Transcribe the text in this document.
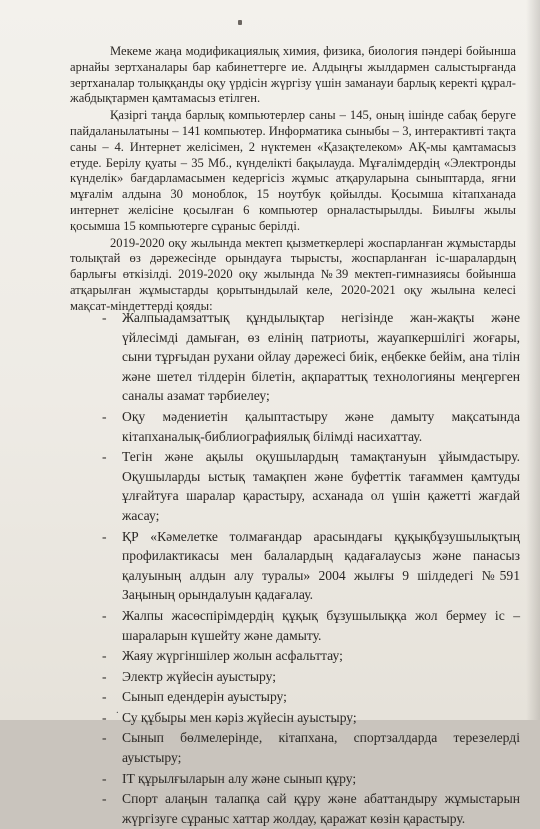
Мекеме жаңа модификациялық химия, физика, биология пәндері бойынша арнайы зертханалары бар кабинеттерге ие. Алдыңғы жылдармен салыстырғанда зертханалар толыққанды оқу үрдісін жүргізу үшін заманауи барлық керекті құрал-жабдықтармен қамтамасыз етілген.

Қазіргі таңда барлық компьютерлер саны – 145, оның ішінде сабақ беруге пайдаланылатыны – 141 компьютер. Информатика сыныбы – 3, интерактивті тақта саны – 4. Интернет желісімен, 2 нүктемен «Қазақтелеком» АҚ-мы қамтамасыз етуде. Берілу қуаты – 35 Мб., күнделікті бақылауда. Мұғалімдердің «Электронды күнделік» бағдарламасымен кедергісіз жұмыс атқаруларына сыныптарда, яғни мұғалім алдына 30 моноблок, 15 ноутбук қойылды. Қосымша кітапханада интернет желісіне қосылған 6 компьютер орналастырылды. Биылғы жылы қосымша 15 компьютерге сұраныс берілді.

2019-2020 оқу жылында мектеп қызметкерлері жоспарланған жұмыстарды толықтай өз дәрежесінде орындауға тырысты, жоспарланған іс-шаралардың барлығы өткізілді. 2019-2020 оқу жылында №39 мектеп-гимназиясы бойынша атқарылған жұмыстарды қорытындылай келе, 2020-2021 оқу жылына келесі мақсат-міндеттерді қояды:

- Жалпыадамзаттық құндылықтар негізінде жан-жақты және үйлесімді дамыған, өз елінің патриоты, жауапкершілігі жоғары, сыни тұрғыдан рухани ойлау дәрежесі биік, еңбекке бейім, ана тілін және шетел тілдерін білетін, ақпараттық технологияны меңгерген саналы азамат тәрбиелеу;
- Оқу мәдениетін қалыптастыру және дамыту мақсатында кітапханалық-библиографиялық білімді насихаттау.
- Тегін және ақылы оқушылардың тамақтануын ұйымдастыру. Оқушыларды ыстық тамақпен және буфеттік тағаммен қамтуды ұлғайтуға шаралар қарастыру, асханада ол үшін қажетті жағдай жасау;
- ҚР «Кәмелетке толмағандар арасындағы құқықбұзушылықтың профилактикасы мен балалардың қадағалаусыз және панасыз қалуының алдын алу туралы» 2004 жылғы 9 шілдедегі №591 Заңының орындалуын қадағалау.
- Жалпы жасөспірімдердің құқық бұзушылыққа жол бермеу іс – шараларын күшейту және дамыту.
- Жаяу жүргіншілер жолын асфальттау;
- Электр жүйесін ауыстыру;
- Сынып едендерін ауыстыру;
- Су құбыры мен кәріз жүйесін ауыстыру;
- Сынып бөлмелерінде, кітапхана, спортзалдарда терезелерді ауыстыру;
- IT құрылғыларын алу және сынып құру;
- Спорт алаңын талапқа сай құру және абаттандыру жұмыстарын жүргізуге сұраныс хаттар жолдау, қаражат көзін қарастыру.
.
